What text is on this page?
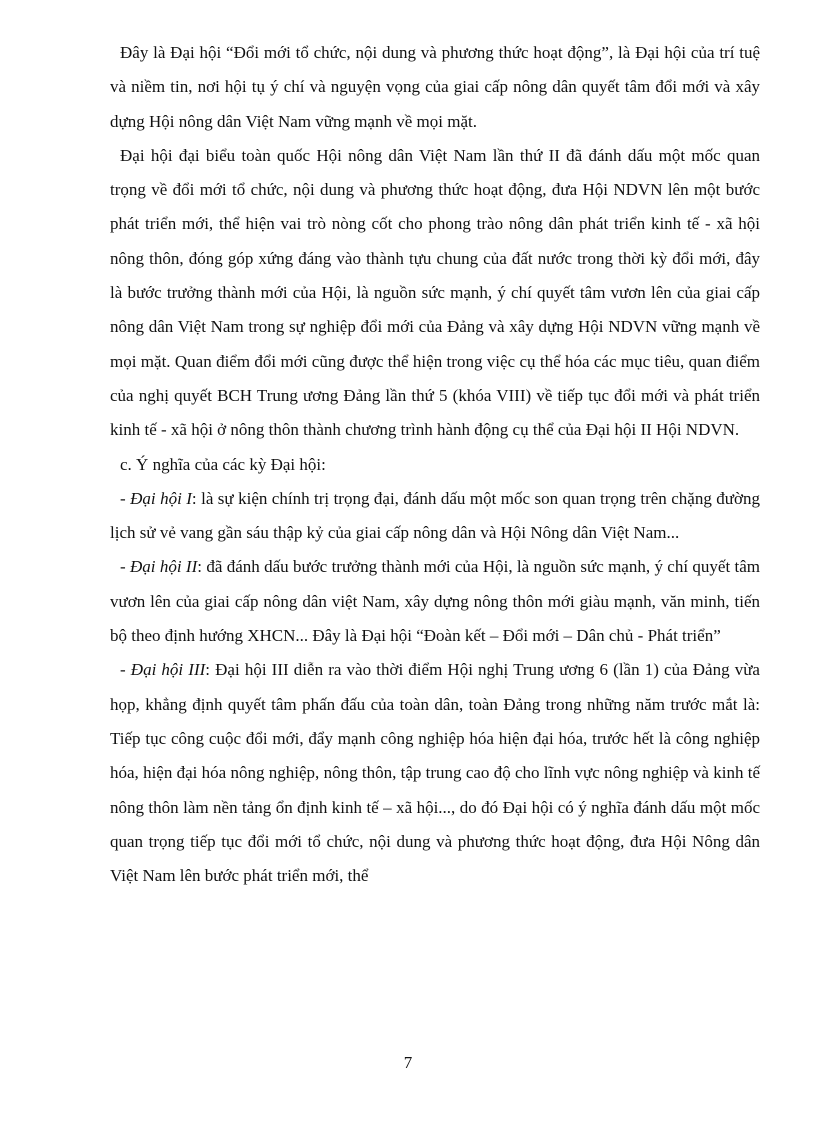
Đây là Đại hội “Đổi mới tổ chức, nội dung và phương thức hoạt động”, là Đại hội của trí tuệ và niềm tin, nơi hội tụ ý chí và nguyện vọng của giai cấp nông dân quyết tâm đổi mới và xây dựng Hội nông dân Việt Nam vững mạnh về mọi mặt.

Đại hội đại biểu toàn quốc Hội nông dân Việt Nam lần thứ II đã đánh dấu một mốc quan trọng về đổi mới tổ chức, nội dung và phương thức hoạt động, đưa Hội NDVN lên một bước phát triển mới, thể hiện vai trò nòng cốt cho phong trào nông dân phát triển kinh tế - xã hội nông thôn, đóng góp xứng đáng vào thành tựu chung của đất nước trong thời kỳ đổi mới, đây là bước trưởng thành mới của Hội, là nguồn sức mạnh, ý chí quyết tâm vươn lên của giai cấp nông dân Việt Nam trong sự nghiệp đổi mới của Đảng và xây dựng Hội NDVN vững mạnh về mọi mặt. Quan điểm đổi mới cũng được thể hiện trong việc cụ thể hóa các mục tiêu, quan điểm của nghị quyết BCH Trung ương Đảng lần thứ 5 (khóa VIII) về tiếp tục đổi mới và phát triển kinh tế - xã hội ở nông thôn thành chương trình hành động cụ thể của Đại hội II Hội NDVN.

c. Ý nghĩa của các kỳ Đại hội:

- Đại hội I: là sự kiện chính trị trọng đại, đánh dấu một mốc son quan trọng trên chặng đường lịch sử vẻ vang gần sáu thập kỷ của giai cấp nông dân và Hội Nông dân Việt Nam...

- Đại hội II: đã đánh dấu bước trưởng thành mới của Hội, là nguồn sức mạnh, ý chí quyết tâm vươn lên của giai cấp nông dân việt Nam, xây dựng nông thôn mới giàu mạnh, văn minh, tiến bộ theo định hướng XHCN... Đây là Đại hội “Đoàn kết – Đổi mới – Dân chủ - Phát triển”

- Đại hội III: Đại hội III diễn ra vào thời điểm Hội nghị Trung ương 6 (lần 1) của Đảng vừa họp, khẳng định quyết tâm phấn đấu của toàn dân, toàn Đảng trong những năm trước mắt là: Tiếp tục công cuộc đổi mới, đẩy mạnh công nghiệp hóa hiện đại hóa, trước hết là công nghiệp hóa, hiện đại hóa nông nghiệp, nông thôn, tập trung cao độ cho lĩnh vực nông nghiệp và kinh tế nông thôn làm nền tảng ổn định kinh tế – xã hội..., do đó Đại hội có ý nghĩa đánh dấu một mốc quan trọng tiếp tục đổi mới tổ chức, nội dung và phương thức hoạt động, đưa Hội Nông dân Việt Nam lên bước phát triển mới, thể

7
